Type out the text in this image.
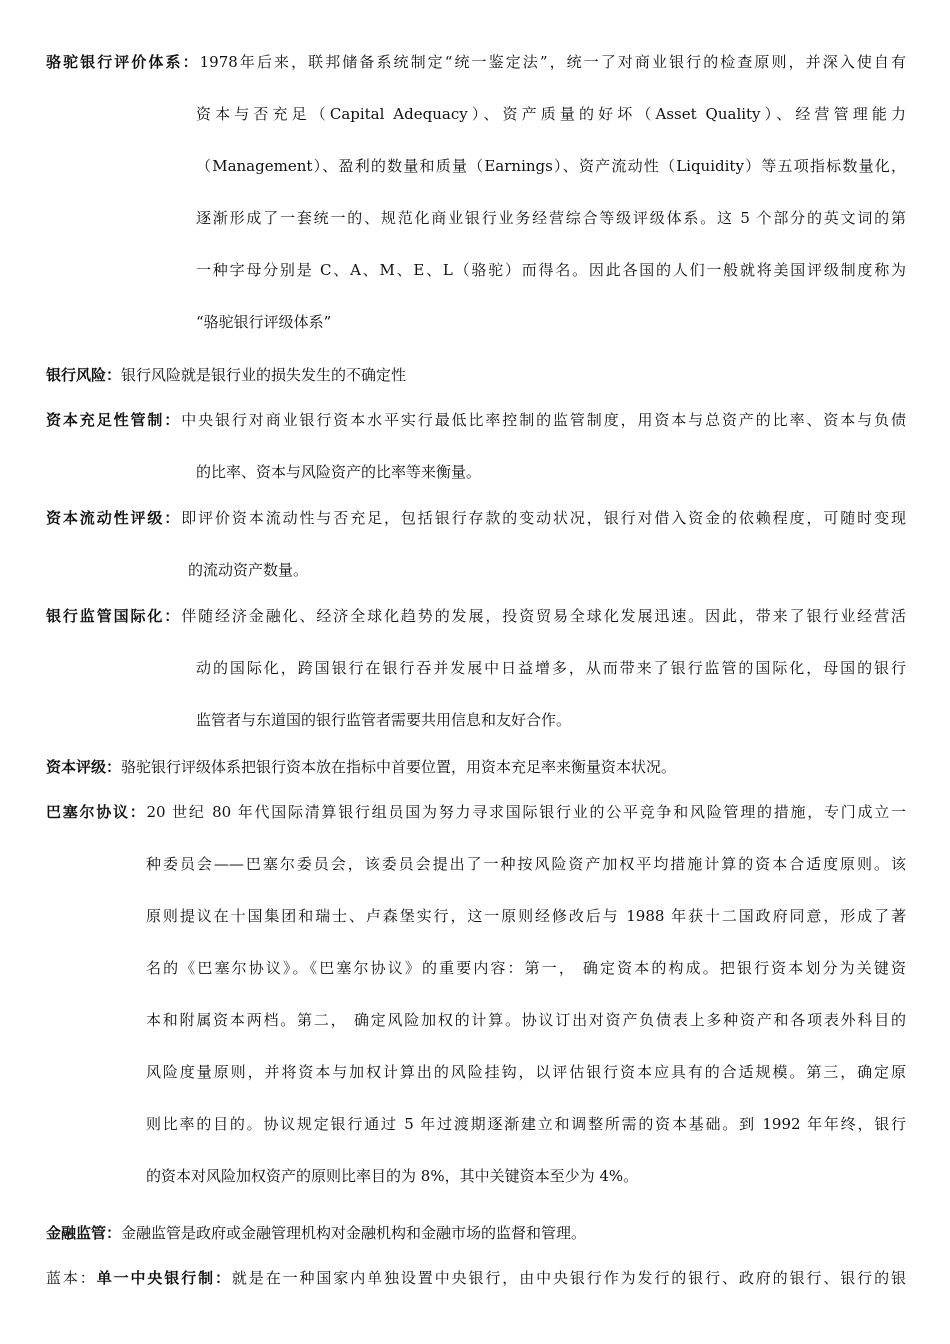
骆驼银行评价体系：1978年后来，联邦储备系统制定“统一鉴定法”，统一了对商业银行的检查原则，并深入使自有
资本与否充足（Capital Adequacy）、资产质量的好坏（Asset Quality）、经营管理能力
（Management）、盈利的数量和质量（Earnings）、资产流动性（Liquidity）等五项指标数量化，
逐渐形成了一套统一的、规范化商业银行业务经营综合等级评级体系。这 5 个部分的英文词的第
一种字母分别是 C、A、M、E、L（骆驼）而得名。因此各国的人们一般就将美国评级制度称为
“骆驼银行评级体系”
银行风险：银行风险就是银行业的损失发生的不确定性
资本充足性管制：中央银行对商业银行资本水平实行最低比率控制的监管制度，用资本与总资产的比率、资本与负债
的比率、资本与风险资产的比率等来衡量。
资本流动性评级：即评价资本流动性与否充足，包括银行存款的变动状况，银行对借入资金的依赖程度，可随时变现
的流动资产数量。
银行监管国际化：伴随经济金融化、经济全球化趋势的发展，投资贸易全球化发展迅速。因此，带来了银行业经营活
动的国际化，跨国银行在银行吞并发展中日益增多，从而带来了银行监管的国际化，母国的银行
监管者与东道国的银行监管者需要共用信息和友好合作。
资本评级：骆驼银行评级体系把银行资本放在指标中首要位置，用资本充足率来衡量资本状况。
巴塞尔协议：20 世纪 80 年代国际清算银行组员国为努力寻求国际银行业的公平竞争和风险管理的措施，专门成立一
种委员会——巴塞尔委员会，该委员会提出了一种按风险资产加权平均措施计算的资本合适度原则。该
原则提议在十国集团和瑞士、卢森堡实行，这一原则经修改后与 1988 年获十二国政府同意，形成了著
名的《巴塞尔协议》。《巴塞尔协议》的重要内容：第一， 确定资本的构成。把银行资本划分为关键资
本和附属资本两档。第二， 确定风险加权的计算。协议订出对资产负债表上多种资产和各项表外科目的
风险度量原则，并将资本与加权计算出的风险挂钩，以评估银行资本应具有的合适规模。第三，确定原
则比率的目的。协议规定银行通过 5 年过渡期逐渐建立和调整所需的资本基础。到 1992 年年终，银行
的资本对风险加权资产的原则比率目的为 8%，其中关键资本至少为 4%。
金融监管：金融监管是政府或金融管理机构对金融机构和金融市场的监督和管理。
蓝本：单一中央银行制：就是在一种国家内单独设置中央银行，由中央银行作为发行的银行、政府的银行、银行的银
